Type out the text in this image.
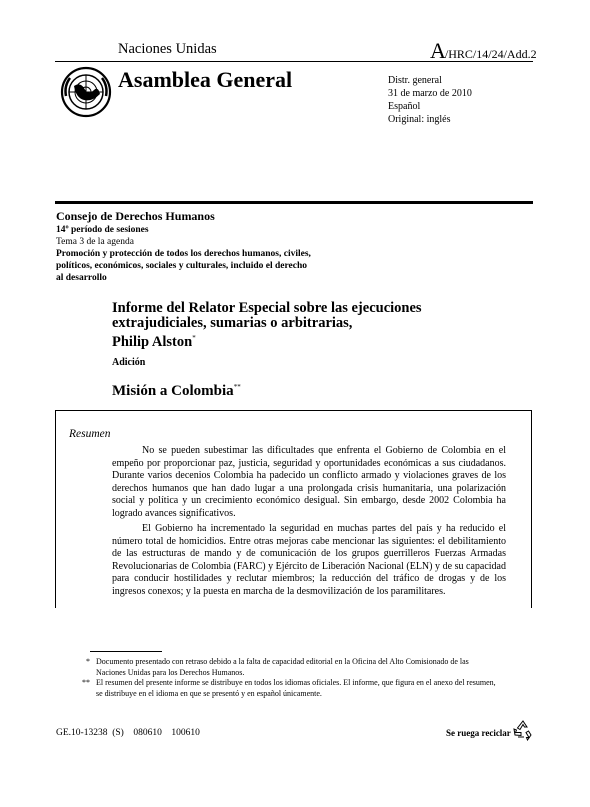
Naciones Unidas	A/HRC/14/24/Add.2
Asamblea General	Distr. general
31 de marzo de 2010
Español
Original: inglés
Consejo de Derechos Humanos
14º período de sesiones
Tema 3 de la agenda
Promoción y protección de todos los derechos humanos, civiles, políticos, económicos, sociales y culturales, incluido el derecho al desarrollo
Informe del Relator Especial sobre las ejecuciones
extrajudiciales, sumarias o arbitrarias,
Philip Alston*
Adición
Misión a Colombia**
Resumen
No se pueden subestimar las dificultades que enfrenta el Gobierno de Colombia en el empeño por proporcionar paz, justicia, seguridad y oportunidades económicas a sus ciudadanos. Durante varios decenios Colombia ha padecido un conflicto armado y violaciones graves de los derechos humanos que han dado lugar a una prolongada crisis humanitaria, una polarización social y política y un crecimiento económico desigual. Sin embargo, desde 2002 Colombia ha logrado avances significativos.
El Gobierno ha incrementado la seguridad en muchas partes del país y ha reducido el número total de homicidios. Entre otras mejoras cabe mencionar las siguientes: el debilitamiento de las estructuras de mando y de comunicación de los grupos guerrilleros Fuerzas Armadas Revolucionarias de Colombia (FARC) y Ejército de Liberación Nacional (ELN) y de su capacidad para conducir hostilidades y reclutar miembros; la reducción del tráfico de drogas y de los ingresos conexos; y la puesta en marcha de la desmovilización de los paramilitares.
* Documento presentado con retraso debido a la falta de capacidad editorial en la Oficina del Alto Comisionado de las Naciones Unidas para los Derechos Humanos.
** El resumen del presente informe se distribuye en todos los idiomas oficiales. El informe, que figura en el anexo del resumen, se distribuye en el idioma en que se presentó y en español únicamente.
GE.10-13238  (S)    080610    100610	Se ruega reciclar
